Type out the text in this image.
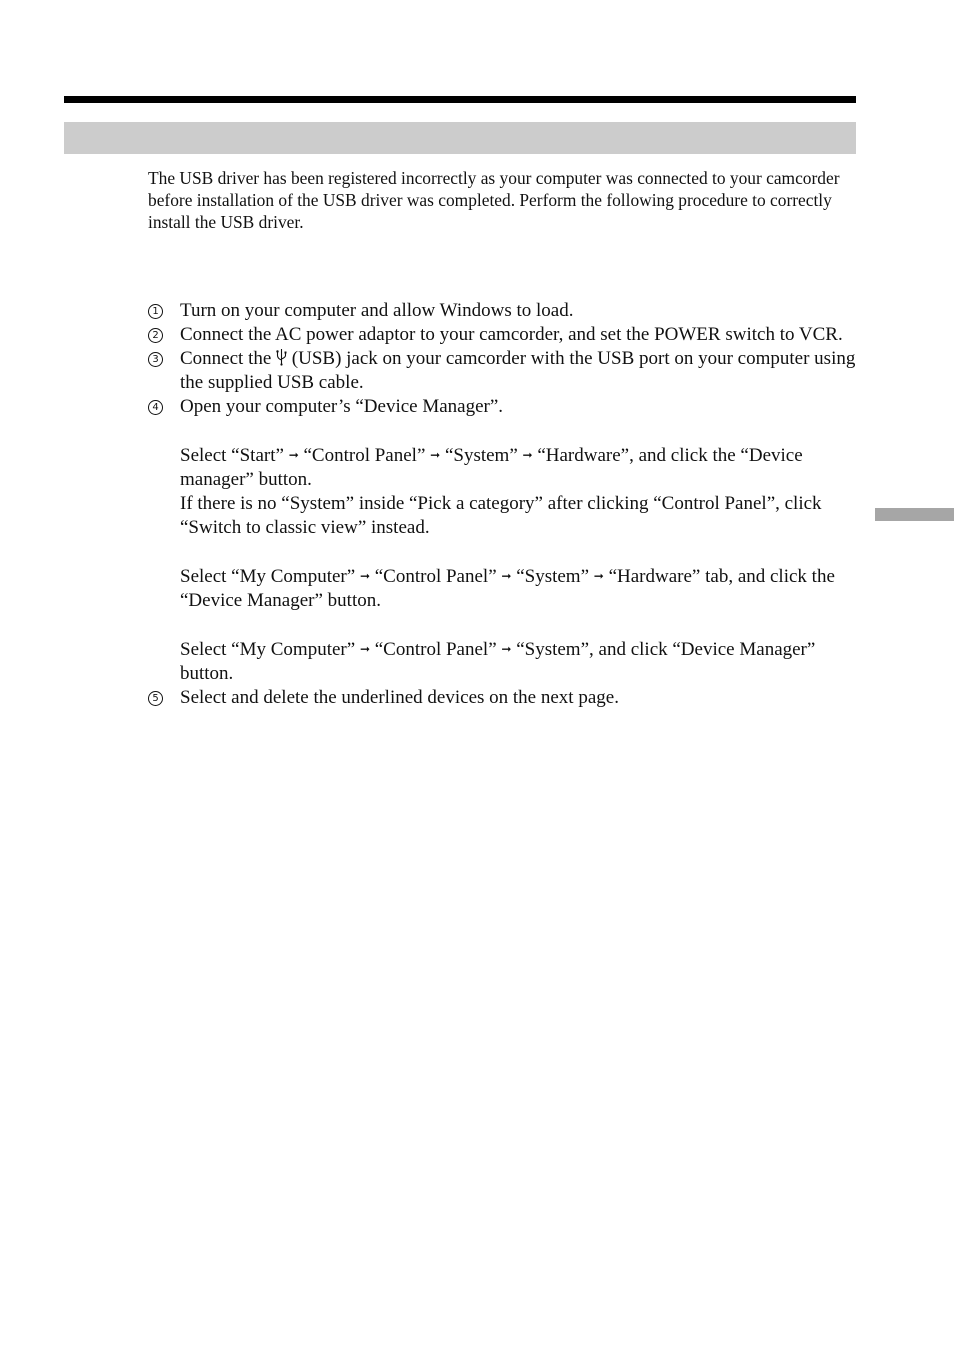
The USB driver has been registered incorrectly as your computer was connected to your camcorder before installation of the USB driver was completed. Perform the following procedure to correctly install the USB driver.

1 Turn on your computer and allow Windows to load.
2 Connect the AC power adaptor to your camcorder, and set the POWER switch to VCR.
3 Connect the  (USB) jack on your camcorder with the USB port on your computer using the supplied USB cable.
4 Open your computer’s “Device Manager”.
Select “Start” ➞ “Control Panel” ➞ “System” ➞ “Hardware”, and click the “Device manager” button.
If there is no “System” inside “Pick a category” after clicking “Control Panel”, click “Switch to classic view” instead.
Select “My Computer” ➞ “Control Panel” ➞ “System” ➞ “Hardware” tab, and click the “Device Manager” button.
Select “My Computer” ➞ “Control Panel” ➞ “System”, and click “Device Manager” button.
5 Select and delete the underlined devices on the next page.
